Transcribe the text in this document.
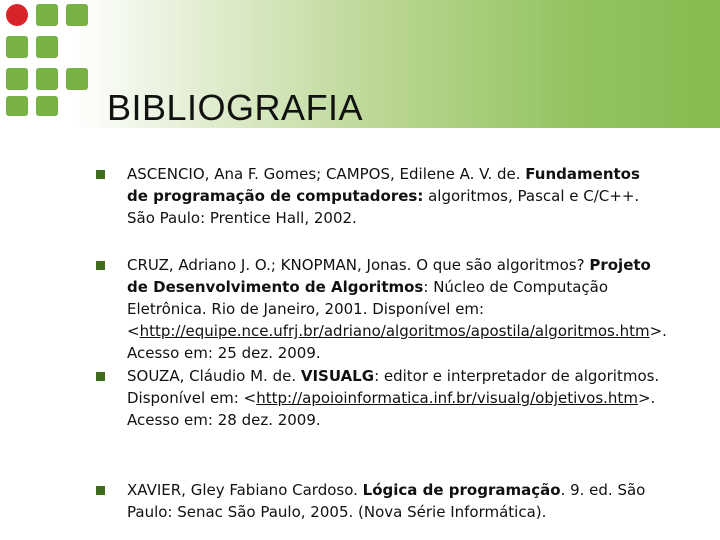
BIBLIOGRAFIA
ASCENCIO, Ana F. Gomes; CAMPOS, Edilene A. V. de. Fundamentos
de programação de computadores: algoritmos, Pascal e C/C++.
São Paulo: Prentice Hall, 2002.
CRUZ, Adriano J. O.; KNOPMAN, Jonas. O que são algoritmos? Projeto
de Desenvolvimento de Algoritmos: Núcleo de Computação
Eletrônica. Rio de Janeiro, 2001. Disponível em:
<http://equipe.nce.ufrj.br/adriano/algoritmos/apostila/algoritmos.htm>.
Acesso em: 25 dez. 2009.
SOUZA, Cláudio M. de. VISUALG: editor e interpretador de algoritmos.
Disponível em: <http://apoioinformatica.inf.br/visualg/objetivos.htm>.
Acesso em: 28 dez. 2009.
XAVIER, Gley Fabiano Cardoso. Lógica de programação. 9. ed. São
Paulo: Senac São Paulo, 2005. (Nova Série Informática).
